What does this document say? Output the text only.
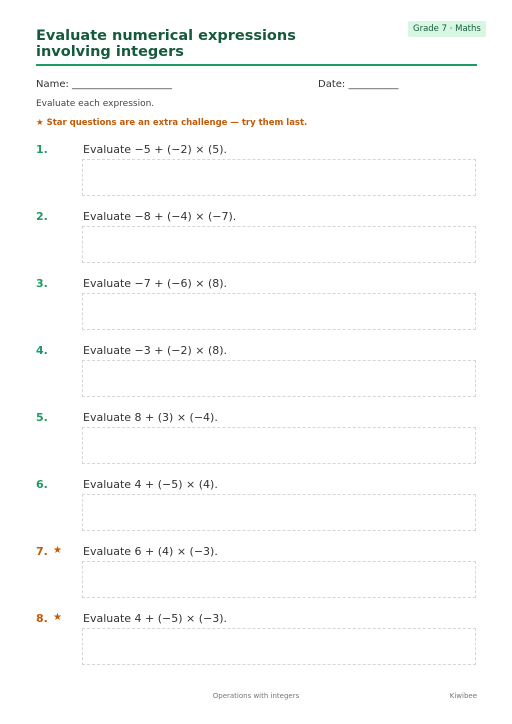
Evaluate numerical expressions
involving integers
Grade 7 · Maths
Name: ____________________	Date: __________
Evaluate each expression.
★ Star questions are an extra challenge — try them last.
1.	Evaluate −5 + (−2) × (5).
2.	Evaluate −8 + (−4) × (−7).
3.	Evaluate −7 + (−6) × (8).
4.	Evaluate −3 + (−2) × (8).
5.	Evaluate 8 + (3) × (−4).
6.	Evaluate 4 + (−5) × (4).
7. ★ Evaluate 6 + (4) × (−3).
8. ★ Evaluate 4 + (−5) × (−3).
Operations with integers	Kiwibee
